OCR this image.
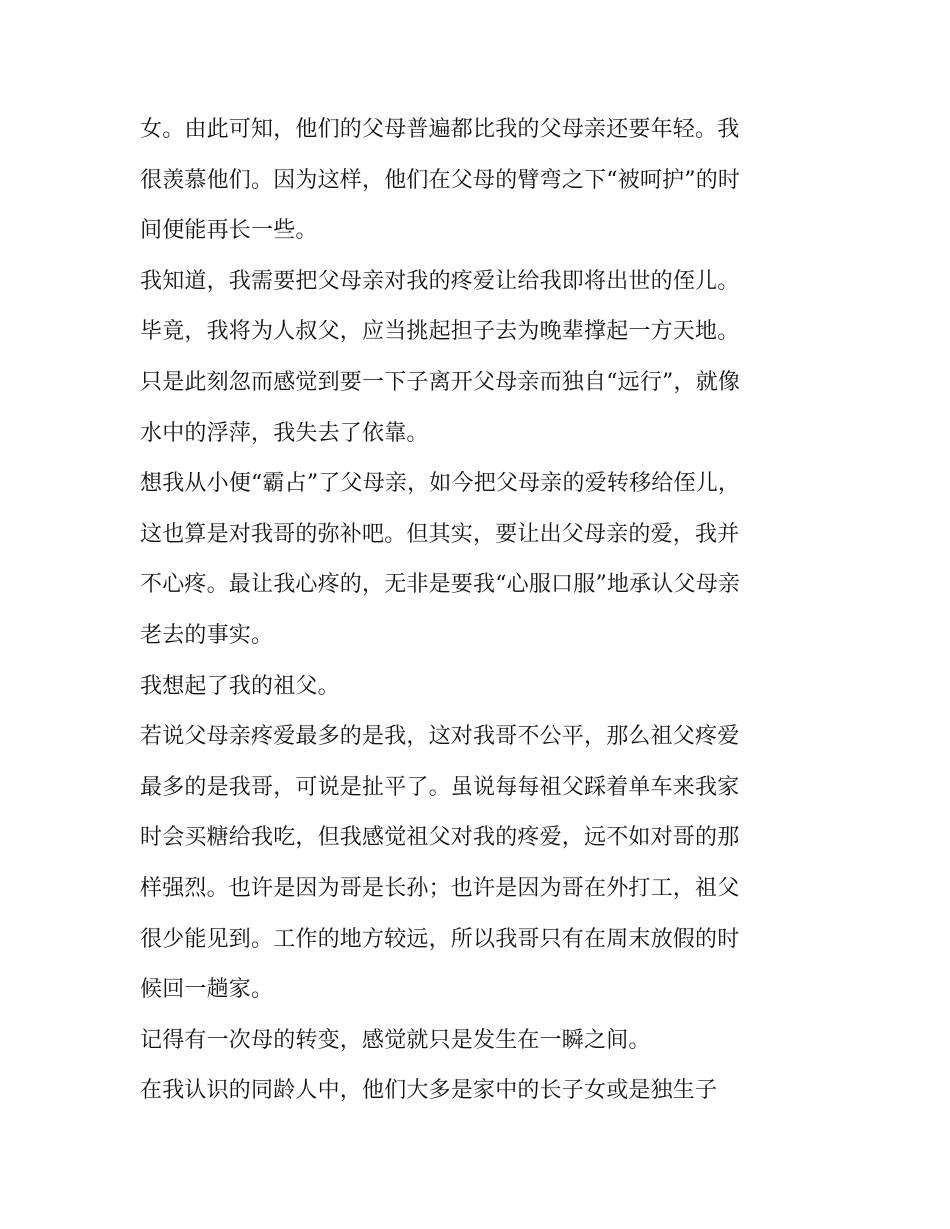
女。由此可知，他们的父母普遍都比我的父母亲还要年轻。我
很羡慕他们。因为这样，他们在父母的臂弯之下“被呵护”的时
间便能再长一些。
我知道，我需要把父母亲对我的疼爱让给我即将出世的侄儿。
毕竟，我将为人叔父，应当挑起担子去为晚辈撑起一方天地。
只是此刻忽而感觉到要一下子离开父母亲而独自“远行”，就像
水中的浮萍，我失去了依靠。
想我从小便“霸占”了父母亲，如今把父母亲的爱转移给侄儿，
这也算是对我哥的弥补吧。但其实，要让出父母亲的爱，我并
不心疼。最让我心疼的，无非是要我“心服口服”地承认父母亲
老去的事实。
我想起了我的祖父。
若说父母亲疼爱最多的是我，这对我哥不公平，那么祖父疼爱
最多的是我哥，可说是扯平了。虽说每每祖父踩着单车来我家
时会买糖给我吃，但我感觉祖父对我的疼爱，远不如对哥的那
样强烈。也许是因为哥是长孙；也许是因为哥在外打工，祖父
很少能见到。工作的地方较远，所以我哥只有在周末放假的时
候回一趟家。
记得有一次母的转变，感觉就只是发生在一瞬之间。
在我认识的同龄人中，他们大多是家中的长子女或是独生子
